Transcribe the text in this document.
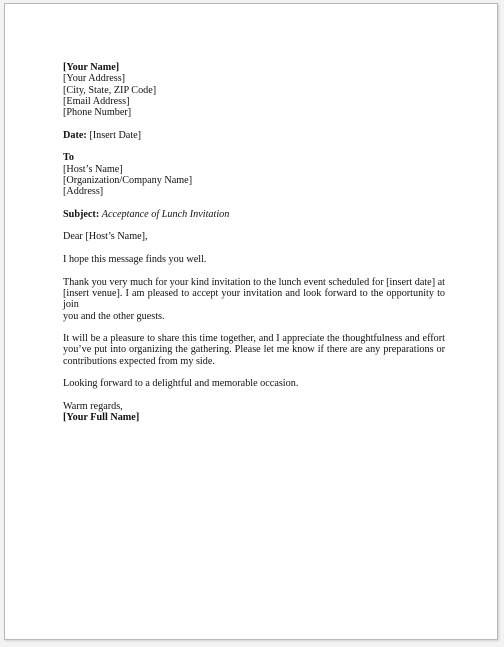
[Your Name]
[Your Address]
[City, State, ZIP Code]
[Email Address]
[Phone Number]
Date: [Insert Date]
To
[Host’s Name]
[Organization/Company Name]
[Address]
Subject: Acceptance of Lunch Invitation
Dear [Host’s Name],
I hope this message finds you well.
Thank you very much for your kind invitation to the lunch event scheduled for [insert date] at
[insert venue]. I am pleased to accept your invitation and look forward to the opportunity to join
you and the other guests.
It will be a pleasure to share this time together, and I appreciate the thoughtfulness and effort
you’ve put into organizing the gathering. Please let me know if there are any preparations or
contributions expected from my side.
Looking forward to a delightful and memorable occasion.
Warm regards,
[Your Full Name]
